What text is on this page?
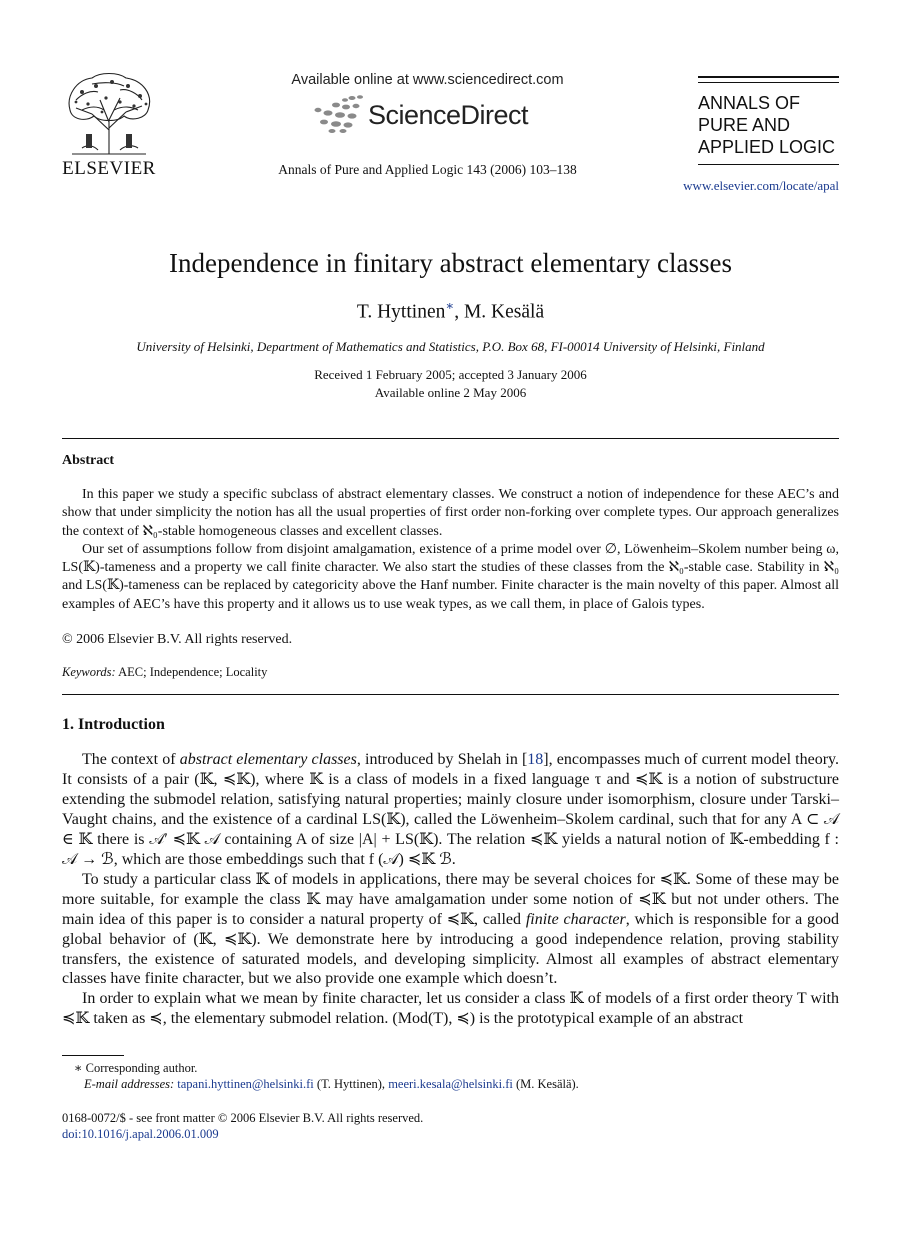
ELSEVIER
Available online at www.sciencedirect.com
ScienceDirect
Annals of Pure and Applied Logic 143 (2006) 103–138
ANNALS OF
PURE AND
APPLIED LOGIC
www.elsevier.com/locate/apal
Independence in finitary abstract elementary classes
T. Hyttinen∗, M. Kesälä
University of Helsinki, Department of Mathematics and Statistics, P.O. Box 68, FI-00014 University of Helsinki, Finland
Received 1 February 2005; accepted 3 January 2006
Available online 2 May 2006
Abstract

In this paper we study a specific subclass of abstract elementary classes. We construct a notion of independence for these AEC’s and show that under simplicity the notion has all the usual properties of first order non-forking over complete types. Our approach generalizes the context of ℵ₀-stable homogeneous classes and excellent classes.

Our set of assumptions follow from disjoint amalgamation, existence of a prime model over ∅, Löwenheim–Skolem number being ω, LS(𝕂)-tameness and a property we call finite character. We also start the studies of these classes from the ℵ₀-stable case. Stability in ℵ₀ and LS(𝕂)-tameness can be replaced by categoricity above the Hanf number. Finite character is the main novelty of this paper. Almost all examples of AEC’s have this property and it allows us to use weak types, as we call them, in place of Galois types.

© 2006 Elsevier B.V. All rights reserved.
Keywords: AEC; Independence; Locality
1. Introduction

The context of abstract elementary classes, introduced by Shelah in [18], encompasses much of current model theory. It consists of a pair (𝕂, ≼𝕂), where 𝕂 is a class of models in a fixed language τ and ≼𝕂 is a notion of substructure extending the submodel relation, satisfying natural properties; mainly closure under isomorphism, closure under Tarski–Vaught chains, and the existence of a cardinal LS(𝕂), called the Löwenheim–Skolem cardinal, such that for any A ⊂ 𝒜 ∈ 𝕂 there is 𝒜′ ≼𝕂 𝒜 containing A of size |A| + LS(𝕂). The relation ≼𝕂 yields a natural notion of 𝕂-embedding f : 𝒜 → ℬ, which are those embeddings such that f (𝒜) ≼𝕂 ℬ.

To study a particular class 𝕂 of models in applications, there may be several choices for ≼𝕂. Some of these may be more suitable, for example the class 𝕂 may have amalgamation under some notion of ≼𝕂 but not under others. The main idea of this paper is to consider a natural property of ≼𝕂, called finite character, which is responsible for a good global behavior of (𝕂, ≼𝕂). We demonstrate here by introducing a good independence relation, proving stability transfers, the existence of saturated models, and developing simplicity. Almost all examples of abstract elementary classes have finite character, but we also provide one example which doesn’t.

In order to explain what we mean by finite character, let us consider a class 𝕂 of models of a first order theory T with ≼𝕂 taken as ≼, the elementary submodel relation. (Mod(T), ≼) is the prototypical example of an abstract

∗ Corresponding author.
E-mail addresses: tapani.hyttinen@helsinki.fi (T. Hyttinen), meeri.kesala@helsinki.fi (M. Kesälä).
0168-0072/$ - see front matter © 2006 Elsevier B.V. All rights reserved.
doi:10.1016/j.apal.2006.01.009
